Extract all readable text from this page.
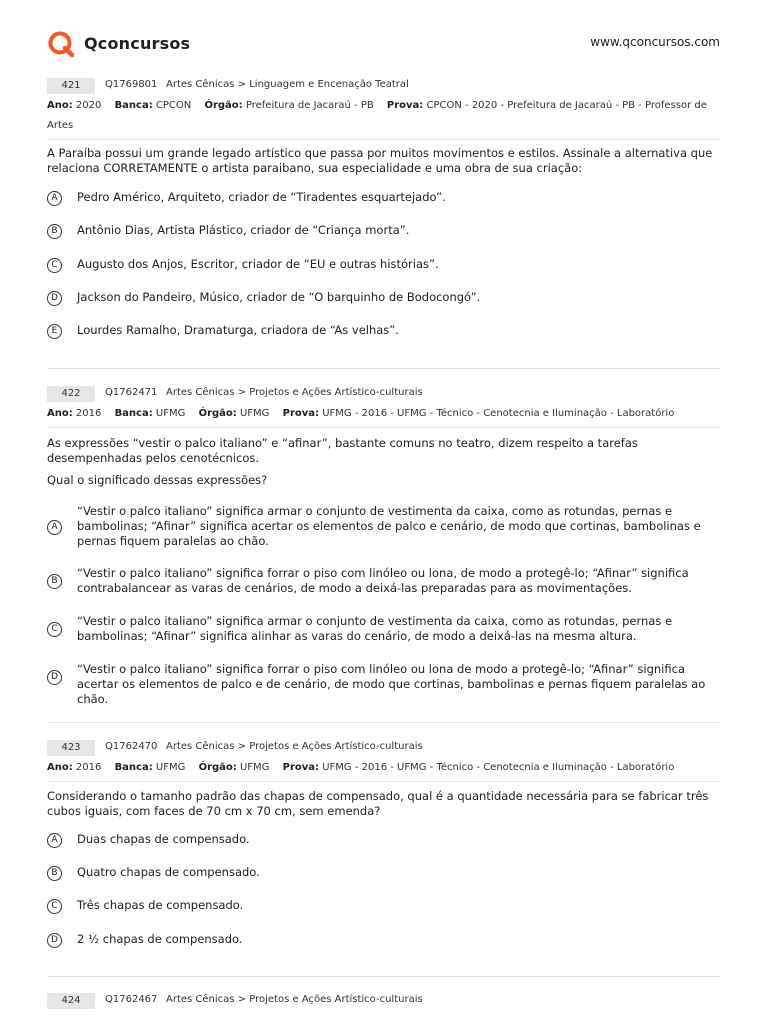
Qconcursos	www.qconcursos.com
421	Q1769801 Artes Cênicas > Linguagem e Encenação Teatral
Ano: 2020 Banca: CPCON Órgão: Prefeitura de Jacaraú - PB Prova: CPCON - 2020 - Prefeitura de Jacaraú - PB - Professor de
Artes

A Paraíba possui um grande legado artístico que passa por muitos movimentos e estilos. Assinale a alternativa que relaciona CORRETAMENTE o artista paraibano, sua especialidade e uma obra de sua criação:

A	Pedro Américo, Arquiteto, criador de “Tiradentes esquartejado”.
B	Antônio Dias, Artista Plástico, criador de “Criança morta”.
C	Augusto dos Anjos, Escritor, criador de “EU e outras histórias”.
D	Jackson do Pandeiro, Músico, criador de “O barquinho de Bodocongó”.
E	Lourdes Ramalho, Dramaturga, criadora de “As velhas”.
422	Q1762471 Artes Cênicas > Projetos e Ações Artístico-culturais
Ano: 2016 Banca: UFMG Órgão: UFMG Prova: UFMG - 2016 - UFMG - Técnico - Cenotecnia e Iluminação - Laboratório

As expressões “vestir o palco italiano” e “afinar”, bastante comuns no teatro, dizem respeito a tarefas desempenhadas pelos cenotécnicos.

Qual o significado dessas expressões?

A
“Vestir o palco italiano” significa armar o conjunto de vestimenta da caixa, como as rotundas, pernas e bambolinas; “Afinar” significa acertar os elementos de palco e cenário, de modo que cortinas, bambolinas e pernas fiquem paralelas ao chão.
B
“Vestir o palco italiano” significa forrar o piso com linóleo ou lona, de modo a protegê-lo; “Afinar” significa contrabalancear as varas de cenários, de modo a deixá-las preparadas para as movimentações.
C
“Vestir o palco italiano” significa armar o conjunto de vestimenta da caixa, como as rotundas, pernas e bambolinas; “Afinar” significa alinhar as varas do cenário, de modo a deixá-las na mesma altura.
D
“Vestir o palco italiano” significa forrar o piso com linóleo ou lona de modo a protegê-lo; “Afinar” significa acertar os elementos de palco e de cenário, de modo que cortinas, bambolinas e pernas fiquem paralelas ao chão.
423	Q1762470 Artes Cênicas > Projetos e Ações Artístico-culturais
Ano: 2016 Banca: UFMG Órgão: UFMG Prova: UFMG - 2016 - UFMG - Técnico - Cenotecnia e Iluminação - Laboratório

Considerando o tamanho padrão das chapas de compensado, qual é a quantidade necessária para se fabricar três cubos iguais, com faces de 70 cm x 70 cm, sem emenda?

A	Duas chapas de compensado.
B	Quatro chapas de compensado.
C	Três chapas de compensado.
D	2 ½ chapas de compensado.
424	Q1762467 Artes Cênicas > Projetos e Ações Artístico-culturais
